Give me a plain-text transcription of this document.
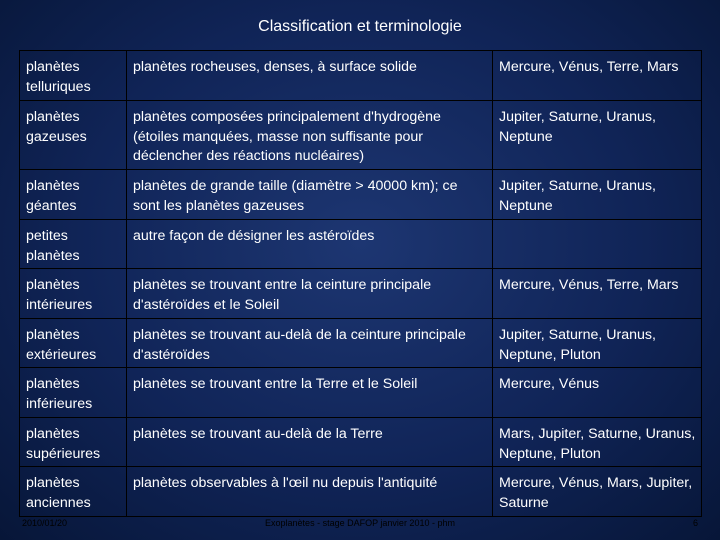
Classification et terminologie
planètes telluriques	planètes rocheuses, denses, à surface solide	Mercure, Vénus, Terre, Mars
planètes gazeuses	planètes composées principalement d'hydrogène (étoiles manquées, masse non suffisante pour déclencher des réactions nucléaires)	Jupiter, Saturne, Uranus, Neptune
planètes géantes	planètes de grande taille (diamètre > 40000 km); ce sont les planètes gazeuses	Jupiter, Saturne, Uranus, Neptune
petites planètes	autre façon de désigner les astéroïdes	
planètes intérieures	planètes se trouvant entre la ceinture principale d'astéroïdes et le Soleil	Mercure, Vénus, Terre, Mars
planètes extérieures	planètes se trouvant au-delà de la ceinture principale d'astéroïdes	Jupiter, Saturne, Uranus, Neptune, Pluton
planètes inférieures	planètes se trouvant entre la Terre et le Soleil	Mercure, Vénus
planètes supérieures	planètes se trouvant au-delà de la Terre	Mars, Jupiter, Saturne, Uranus, Neptune, Pluton
planètes anciennes	planètes observables à l'œil nu depuis l'antiquité	Mercure, Vénus, Mars, Jupiter, Saturne
2010/01/20	Exoplanètes - stage DAFOP janvier 2010 - phm	6
